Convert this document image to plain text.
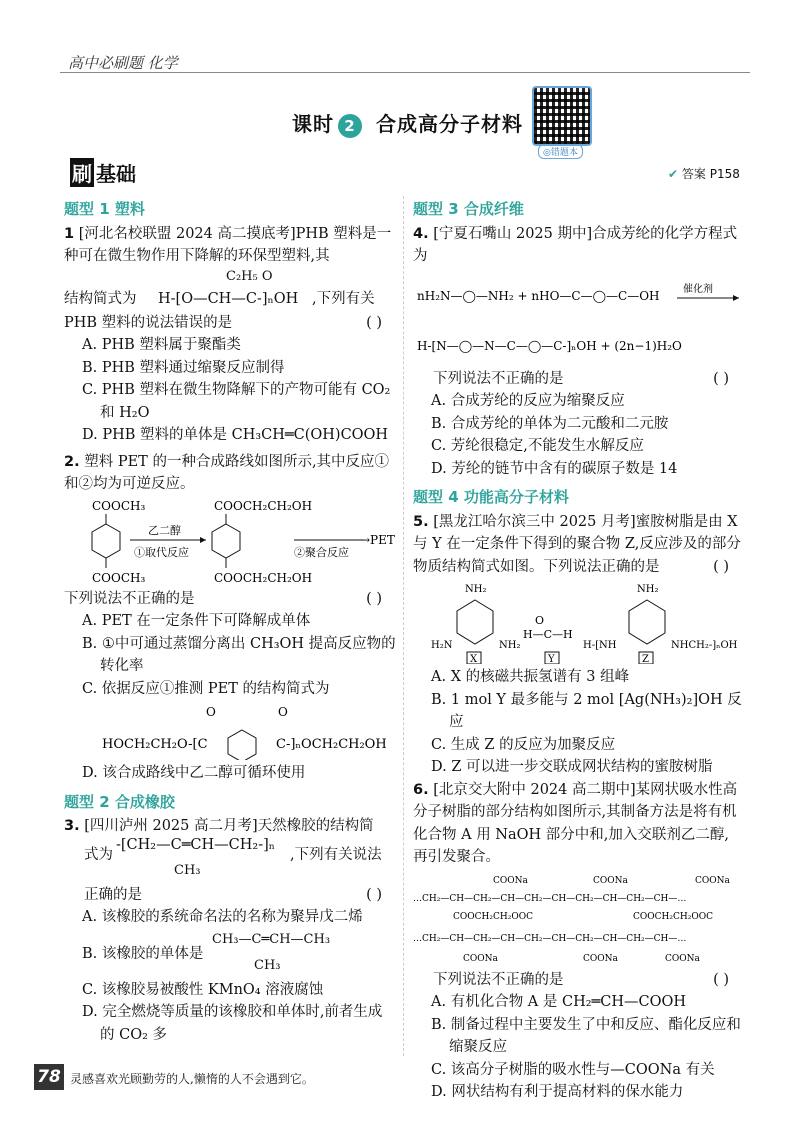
高中必刷题 化学
课时 2 合成高分子材料
◎错题本
刷 基础	✔ 答案 P158
题型 1 塑料
1 [河北名校联盟 2024 高二摸底考]PHB 塑料是一种可在微生物作用下降解的环保型塑料,其
C₂H₅ O
结构简式为 H-[O—CH—C-]ₙOH ,下列有关
PHB 塑料的说法错误的是	( )
A. PHB 塑料属于聚酯类
B. PHB 塑料通过缩聚反应制得
C. PHB 塑料在微生物降解下的产物可能有 CO₂ 和 H₂O
D. PHB 塑料的单体是 CH₃CH═C(OH)COOH
2. 塑料 PET 的一种合成路线如图所示,其中反应①和②均为可逆反应。
COOCH₃
COOCH₃
乙二醇
①取代反应
COOCH₂CH₂OH
COOCH₂CH₂OH
②聚合反应
→PET
下列说法不正确的是	( )
A. PET 在一定条件下可降解成单体
B. ①中可通过蒸馏分离出 CH₃OH 提高反应物的转化率
C. 依据反应①推测 PET 的结构简式为
O	O
HOCH₂CH₂O-[C	C-]ₙOCH₂CH₂OH
D. 该合成路线中乙二醇可循环使用
题型 2 合成橡胶
3. [四川泸州 2025 高二月考]天然橡胶的结构简
式为
-[CH₂—C═CH—CH₂-]ₙ
CH₃
,下列有关说法
正确的是	( )
A. 该橡胶的系统命名法的名称为聚异戊二烯
B. 该橡胶的单体是
CH₃—C═CH—CH₃
CH₃
C. 该橡胶易被酸性 KMnO₄ 溶液腐蚀
D. 完全燃烧等质量的该橡胶和单体时,前者生成的 CO₂ 多
题型 3 合成纤维
4. [宁夏石嘴山 2025 期中]合成芳纶的化学方程式为
nH₂N—◯—NH₂ + nHO—C—◯—C—OH 催化剂
H-[N—◯—N—C—◯—C-]ₙOH + (2n−1)H₂O
下列说法不正确的是	( )
A. 合成芳纶的反应为缩聚反应
B. 合成芳纶的单体为二元酸和二元胺
C. 芳纶很稳定,不能发生水解反应
D. 芳纶的链节中含有的碳原子数是 14
题型 4 功能高分子材料
5. [黑龙江哈尔滨三中 2025 月考]蜜胺树脂是由 X 与 Y 在一定条件下得到的聚合物 Z,反应涉及的部分物质结构简式如图。下列说法正确的是	( )
NH₂
H₂N	NH₂
X
O
H—C—H
Y
NH₂
H-[NH	NHCH₂-]ₙOH
Z
A. X 的核磁共振氢谱有 3 组峰
B. 1 mol Y 最多能与 2 mol [Ag(NH₃)₂]OH 反应
C. 生成 Z 的反应为加聚反应
D. Z 可以进一步交联成网状结构的蜜胺树脂
6. [北京交大附中 2024 高二期中]某网状吸水性高分子树脂的部分结构如图所示,其制备方法是将有机化合物 A 用 NaOH 部分中和,加入交联剂乙二醇,再引发聚合。
COONa	COONa	COONa
…CH₂—CH—CH₂—CH—CH₂—CH—CH₂—CH—CH₂—CH—…
COOCH₂CH₂OOC	COOCH₂CH₂OOC
…CH₂—CH—CH₂—CH—CH₂—CH—CH₂—CH—CH₂—CH—…
COONa	COONa	COONa
下列说法不正确的是	( )
A. 有机化合物 A 是 CH₂═CH—COOH
B. 制备过程中主要发生了中和反应、酯化反应和缩聚反应
C. 该高分子树脂的吸水性与—COONa 有关
D. 网状结构有利于提高材料的保水能力
78 灵感喜欢光顾勤劳的人,懒惰的人不会遇到它。
